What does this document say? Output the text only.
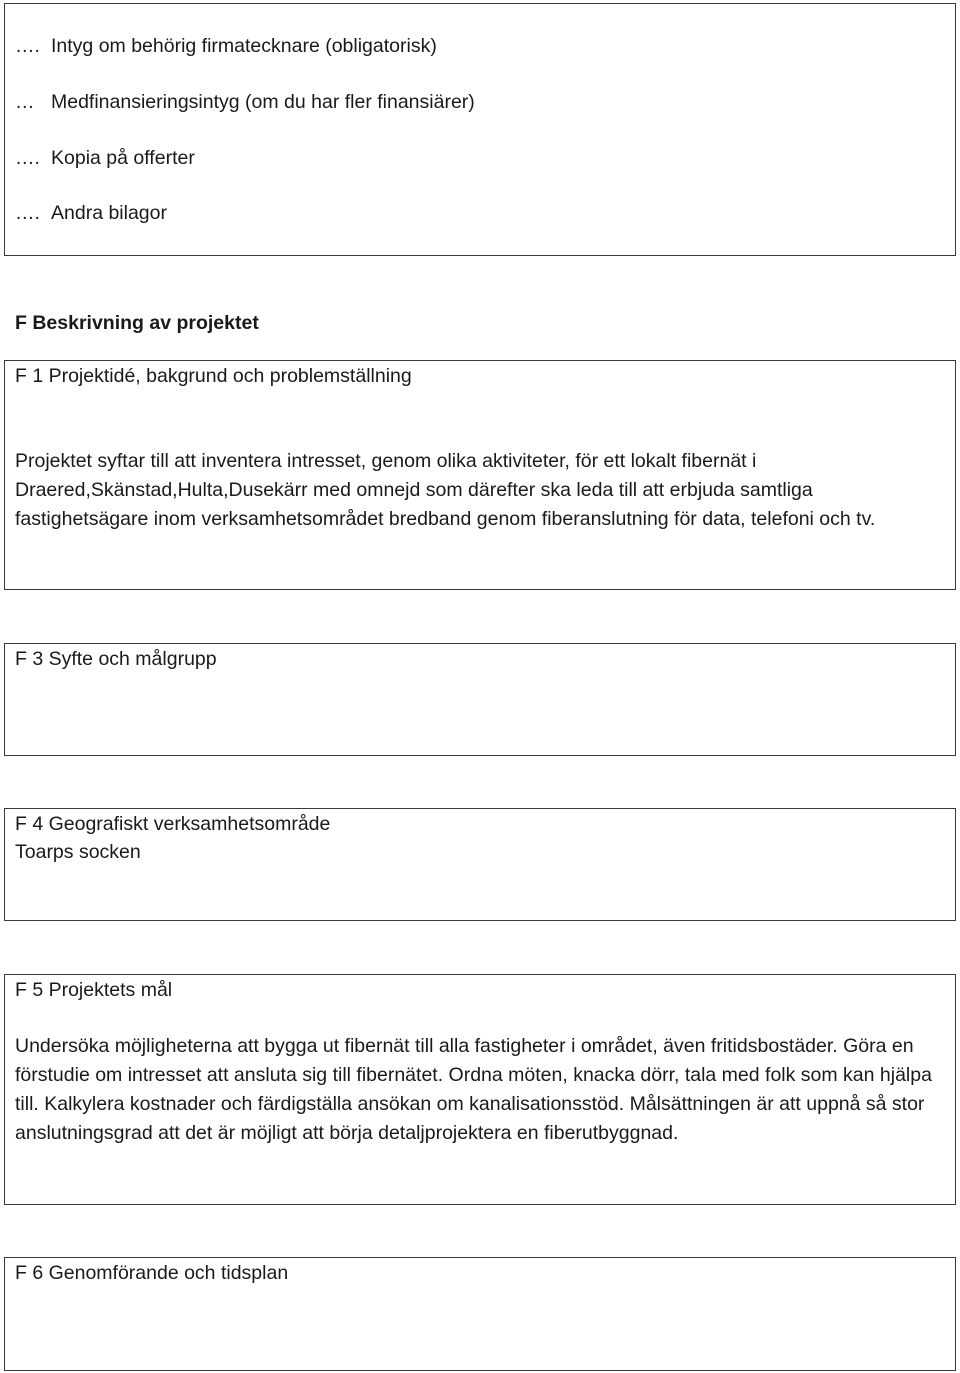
…. Intyg om behörig firmatecknare (obligatorisk)
… Medfinansieringsintyg (om du har fler finansiärer)
…. Kopia på offerter
…. Andra bilagor
F Beskrivning av projektet
F 1 Projektidé, bakgrund och problemställning

Projektet syftar till att inventera intresset, genom olika aktiviteter, för ett lokalt fibernät i Draered,Skänstad,Hulta,Dusekärr med omnejd som därefter ska leda till att erbjuda samtliga fastighetsägare inom verksamhetsområdet bredband genom fiberanslutning för data, telefoni och tv.

F 3 Syfte och målgrupp
F 4 Geografiskt verksamhetsområde
Toarps socken
F 5 Projektets mål

Undersöka möjligheterna att bygga ut fibernät till alla fastigheter i området, även fritidsbostäder. Göra en förstudie om intresset att ansluta sig till fibernätet. Ordna möten, knacka dörr, tala med folk som kan hjälpa till. Kalkylera kostnader och färdigställa ansökan om kanalisationsstöd. Målsättningen är att uppnå så stor anslutningsgrad att det är möjligt att börja detaljprojektera en fiberutbyggnad.

F 6 Genomförande och tidsplan
